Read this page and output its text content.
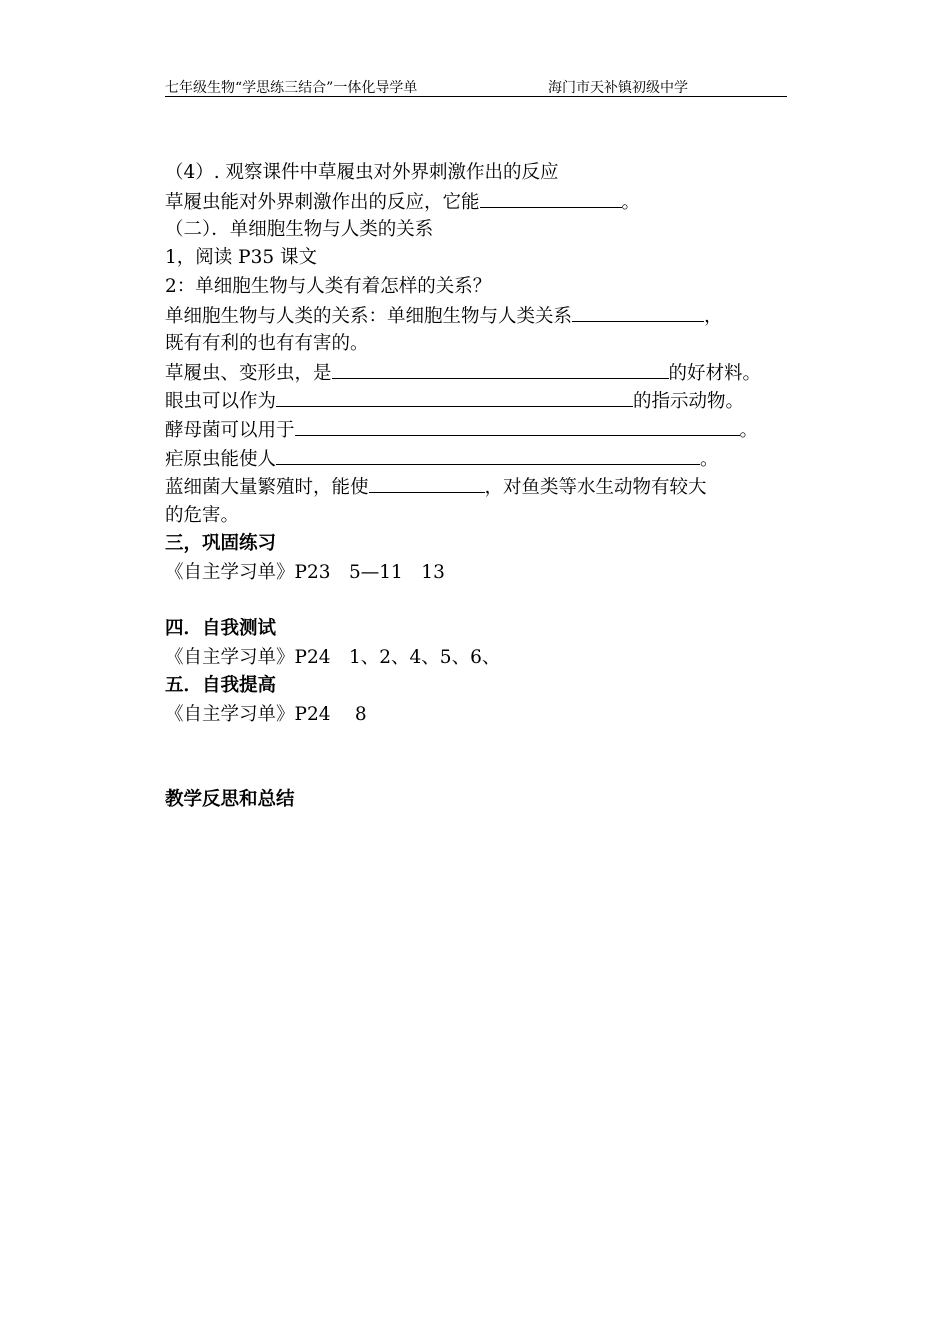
七年级生物“学思练三结合”一体化导学单	海门市天补镇初级中学
（4）. 观察课件中草履虫对外界刺激作出的反应
草履虫能对外界刺激作出的反应，它能	。
（二）．单细胞生物与人类的关系
1，阅读 P35 课文
2：单细胞生物与人类有着怎样的关系？
单细胞生物与人类的关系：单细胞生物与人类关系	，
既有有利的也有有害的。
草履虫、变形虫，是	的好材料。
眼虫可以作为	的指示动物。
酵母菌可以用于	。
疟原虫能使人	。
蓝细菌大量繁殖时，能使	，对鱼类等水生动物有较大
的危害。
三，巩固练习
《自主学习单》P23　5—11　13
四．自我测试
《自主学习单》P24　1、2、4、5、6、
五．自我提高
《自主学习单》P24　 8
教学反思和总结
